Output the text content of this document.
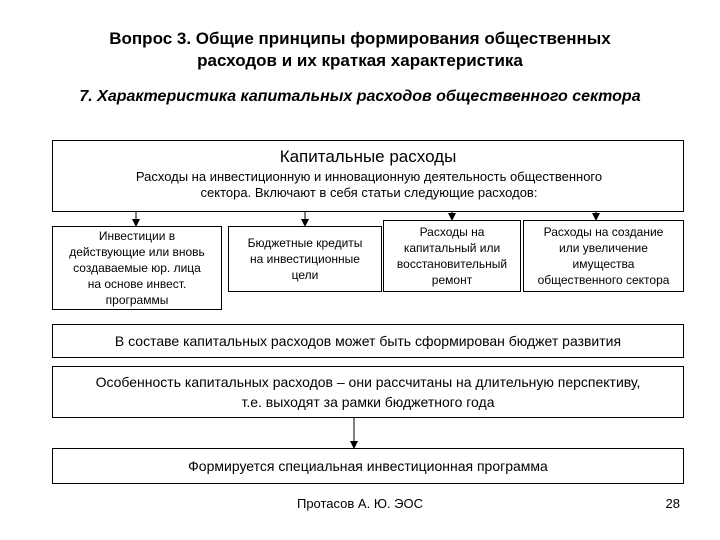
Вопрос 3. Общие принципы формирования общественных
расходов и их краткая характеристика
7. Характеристика капитальных расходов общественного сектора
Капитальные расходы
Расходы на инвестиционную и инновационную деятельность общественного
сектора. Включают в себя статьи следующие расходов:
Инвестиции в
действующие или вновь
создаваемые юр. лица
на основе инвест.
программы
Бюджетные кредиты
на инвестиционные
цели
Расходы на
капитальный или
восстановительный
ремонт
Расходы на создание
или увеличение
имущества
общественного сектора
В составе капитальных расходов может быть сформирован бюджет развития
Особенность капитальных расходов – они рассчитаны на длительную перспективу,
т.е. выходят за рамки бюджетного года
Формируется специальная инвестиционная программа
Протасов А. Ю. ЭОС	28
